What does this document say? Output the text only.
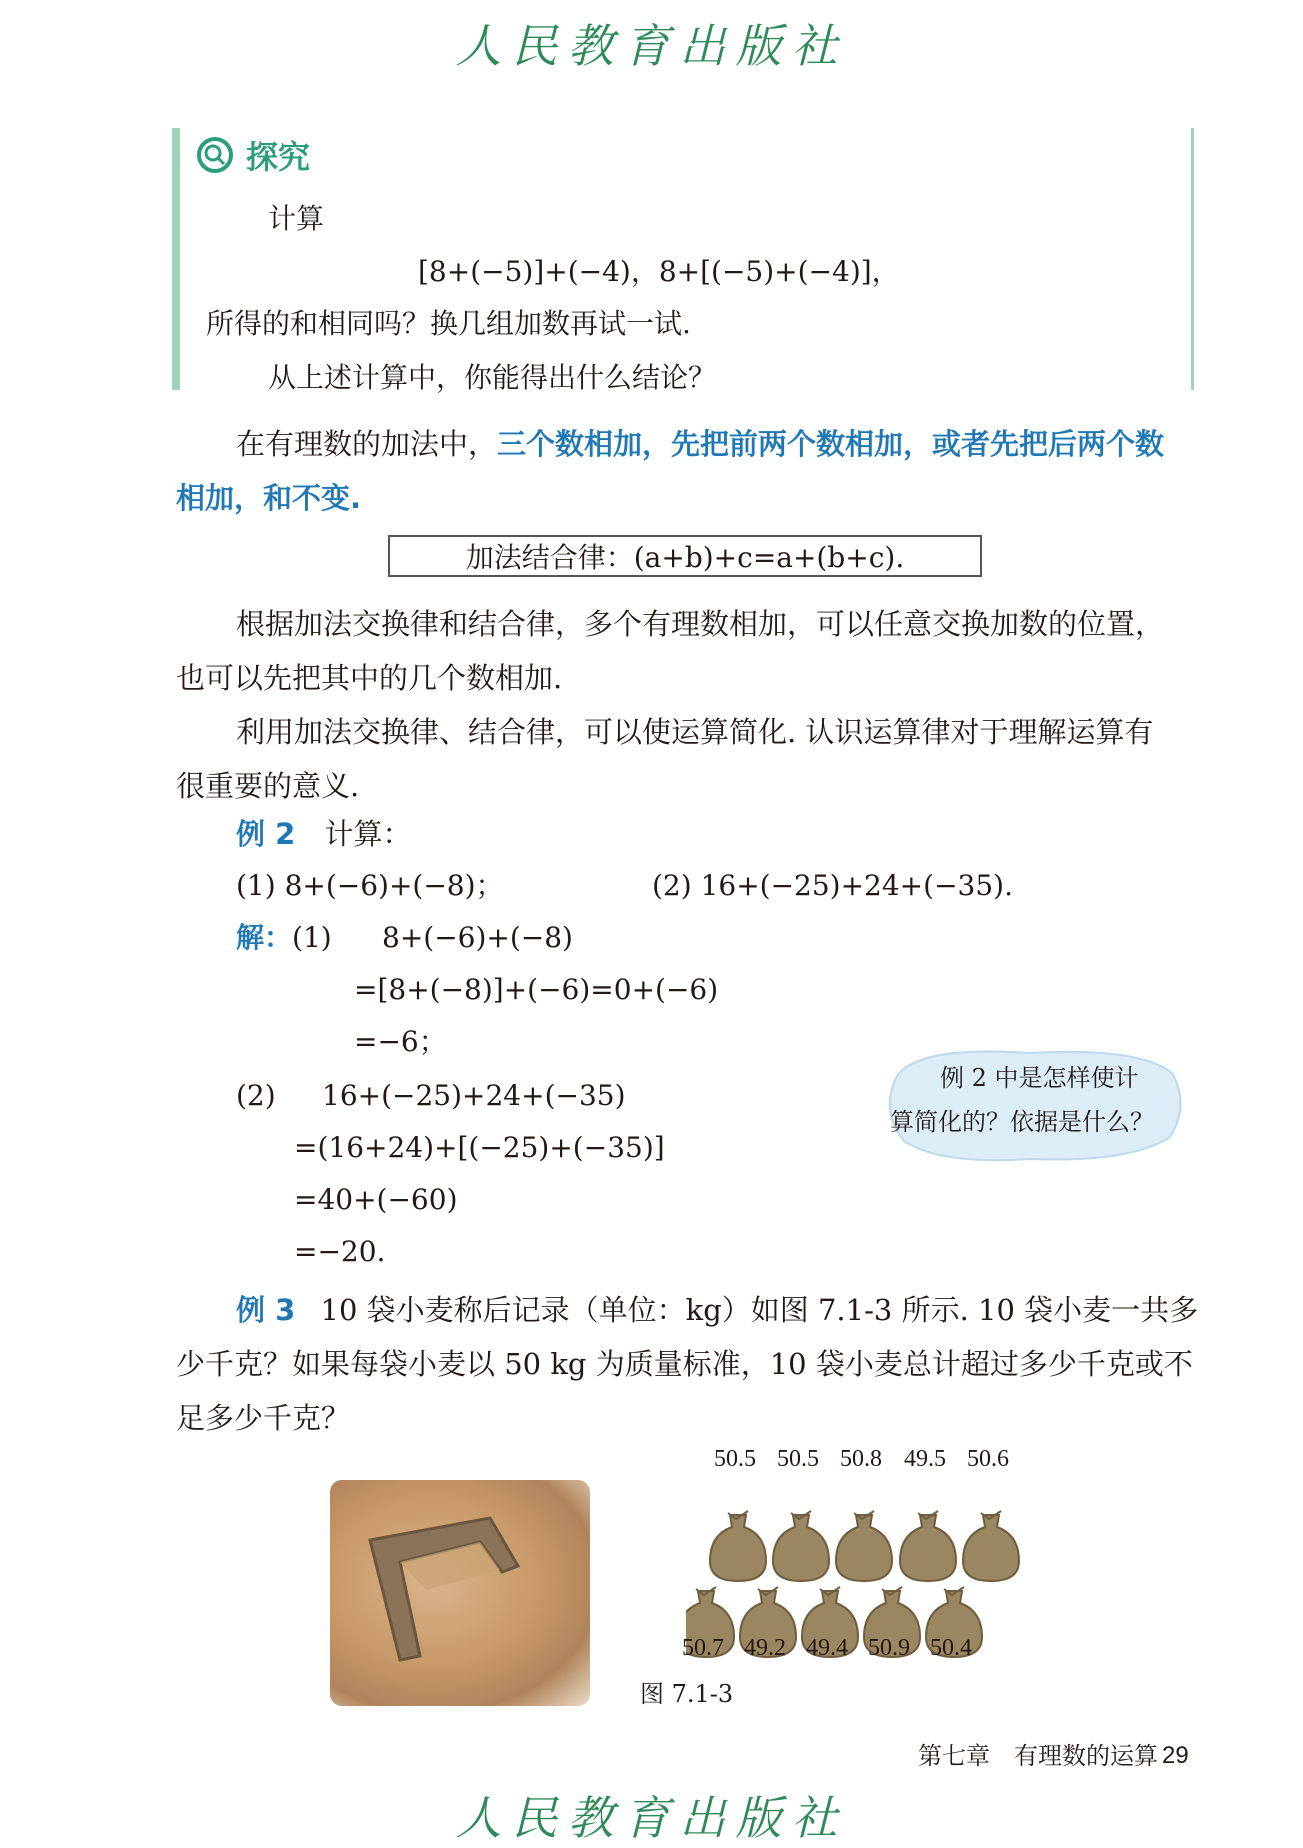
人民教育出版社
探究
计算
[8+(−5)]+(−4)，8+[(−5)+(−4)]，
所得的和相同吗？换几组加数再试一试.
从上述计算中，你能得出什么结论？
在有理数的加法中，三个数相加，先把前两个数相加，或者先把后两个数
相加，和不变.
加法结合律：(a+b)+c=a+(b+c).
根据加法交换律和结合律，多个有理数相加，可以任意交换加数的位置，
也可以先把其中的几个数相加.
利用加法交换律、结合律，可以使运算简化. 认识运算律对于理解运算有
很重要的意义.
例 2 计算：
(1) 8+(−6)+(−8)；	(2) 16+(−25)+24+(−35).
解：(1) 8+(−6)+(−8)
=[8+(−8)]+(−6)=0+(−6)
=−6；
(2) 16+(−25)+24+(−35)
=(16+24)+[(−25)+(−35)]
=40+(−60)
=−20.
例 2 中是怎样使计
算简化的？依据是什么？
例 3 10 袋小麦称后记录（单位：kg）如图 7.1-3 所示. 10 袋小麦一共多
少千克？如果每袋小麦以 50 kg 为质量标准，10 袋小麦总计超过多少千克或不
足多少千克？
50.5 50.5 50.8 49.5 50.6
50.7 49.2 49.4 50.9 50.4
图 7.1-3
第七章　有理数的运算 29
人民教育出版社
